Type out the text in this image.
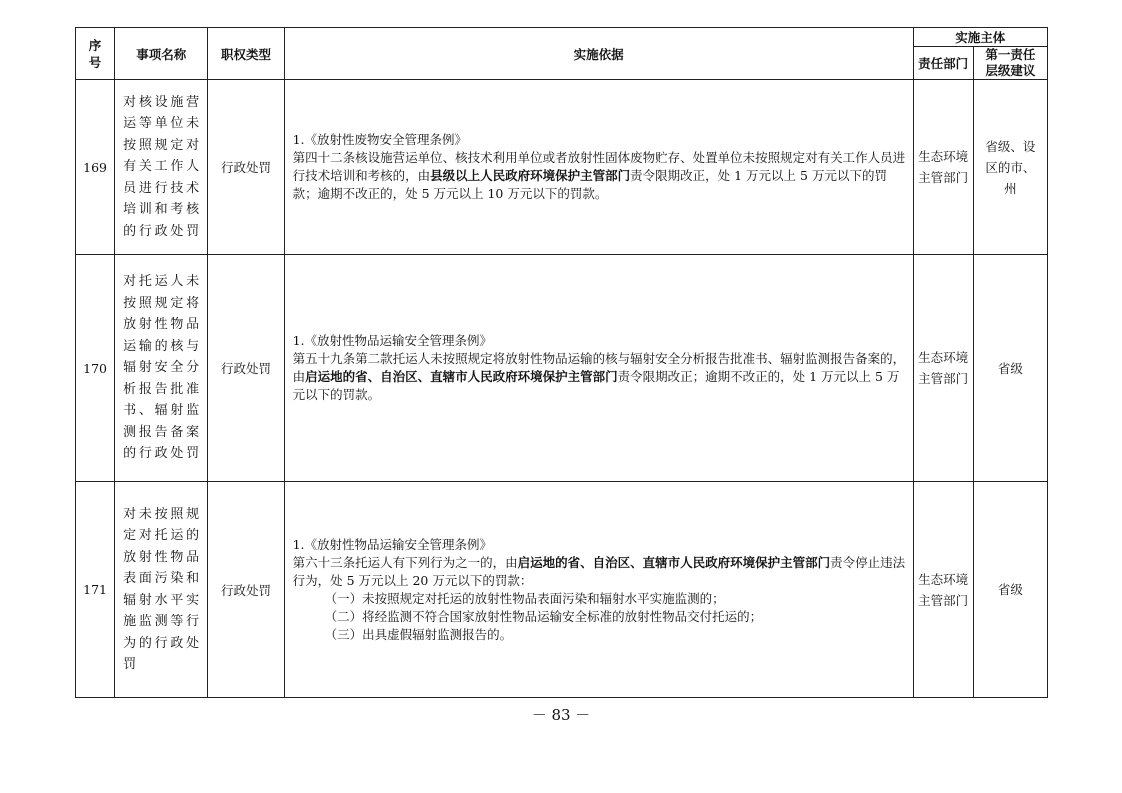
序号	事项名称	职权类型	实施依据	实施主体	
				责任部门	第一责任层级建议

169	对核设施营运等单位未按照规定对有关工作人员进行技术培训和考核的行政处罚	行政处罚	1.《放射性废物安全管理条例》
第四十二条核设施营运单位、核技术利用单位或者放射性固体废物贮存、处置单位未按照规定对有关工作人员进行技术培训和考核的，由县级以上人民政府环境保护主管部门责令限期改正，处 1 万元以上 5 万元以下的罚款；逾期不改正的，处 5 万元以上 10 万元以下的罚款。	生态环境主管部门	省级、设区的市、州

170	对托运人未按照规定将放射性物品运输的核与辐射安全分析报告批准书、辐射监测报告备案的行政处罚	行政处罚	1.《放射性物品运输安全管理条例》
第五十九条第二款托运人未按照规定将放射性物品运输的核与辐射安全分析报告批准书、辐射监测报告备案的，由启运地的省、自治区、直辖市人民政府环境保护主管部门责令限期改正；逾期不改正的，处 1 万元以上 5 万元以下的罚款。	生态环境主管部门	省级
171	对未按照规定对托运的放射性物品表面污染和辐射水平实施监测等行为的行政处罚	行政处罚	1.《放射性物品运输安全管理条例》
第六十三条托运人有下列行为之一的，由启运地的省、自治区、直辖市人民政府环境保护主管部门责令停止违法行为，处 5 万元以上 20 万元以下的罚款：
（一）未按照规定对托运的放射性物品表面污染和辐射水平实施监测的；
（二）将经监测不符合国家放射性物品运输安全标准的放射性物品交付托运的；
（三）出具虚假辐射监测报告的。	生态环境主管部门	省级
－ 83 －
